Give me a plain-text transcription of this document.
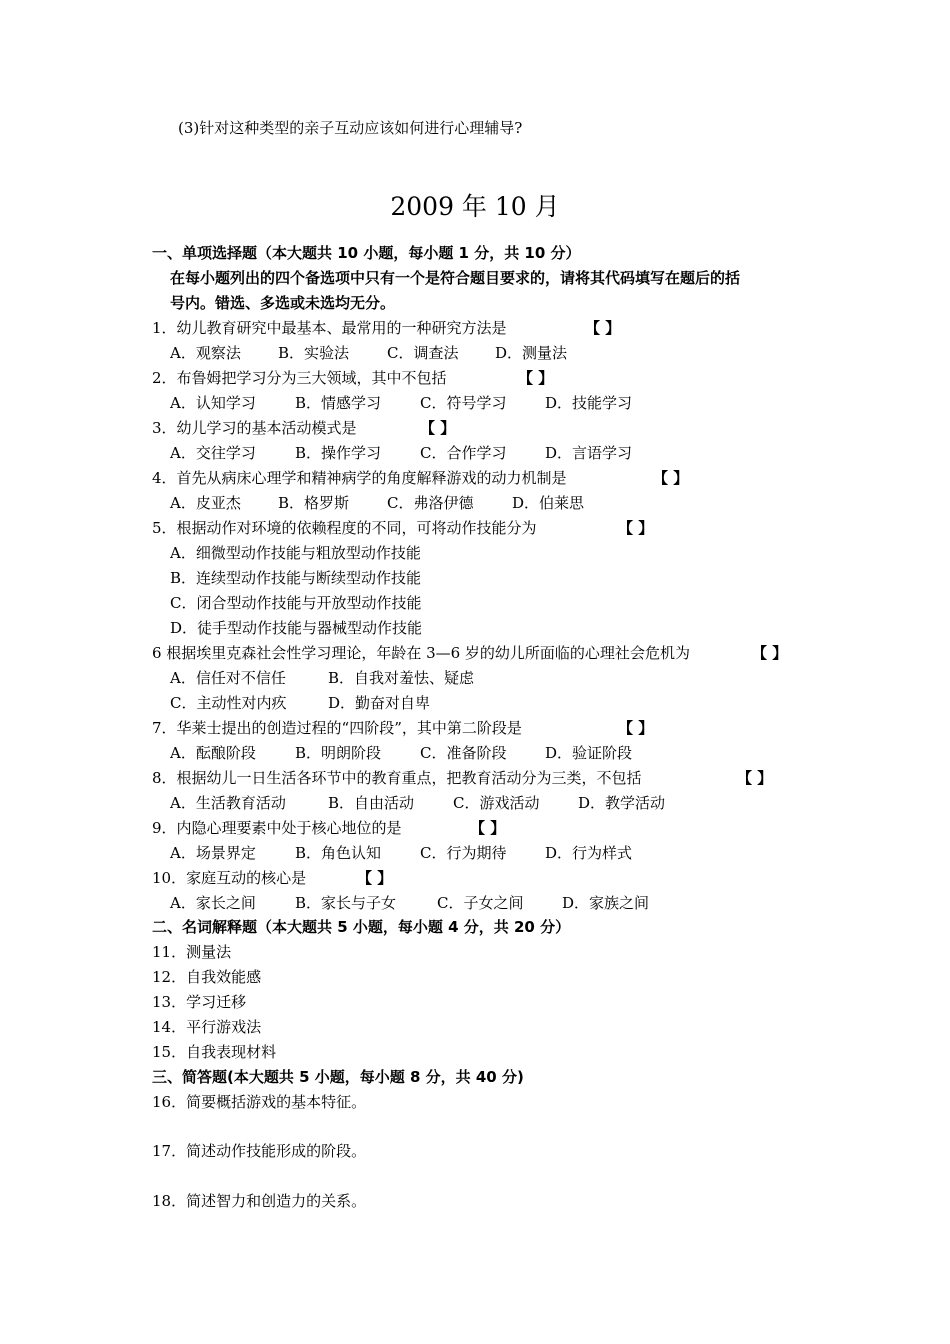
(3)针对这种类型的亲子互动应该如何进行心理辅导?
2009 年 10 月
一、单项选择题（本大题共 10 小题，每小题 1 分，共 10 分）
在每小题列出的四个备选项中只有一个是符合题目要求的，请将其代码填写在题后的括
号内。错选、多选或未选均无分。
1．幼儿教育研究中最基本、最常用的一种研究方法是	【 】
A．观察法 B．实验法	C．调查法 D．测量法
2．布鲁姆把学习分为三大领域，其中不包括	【 】
A．认知学习	B．情感学习	C．符号学习	D．技能学习
3．幼儿学习的基本活动模式是	【 】
A．交往学习	B．操作学习	C．合作学习	D．言语学习
4．首先从病床心理学和精神病学的角度解释游戏的动力机制是	【 】
A．皮亚杰 B．格罗斯	C．弗洛伊德	D．伯莱思
5．根据动作对环境的依赖程度的不同，可将动作技能分为	【 】
A．细微型动作技能与粗放型动作技能
B．连续型动作技能与断续型动作技能
C．闭合型动作技能与开放型动作技能
D．徒手型动作技能与器械型动作技能
6 根据埃里克森社会性学习理论，年龄在 3—6 岁的幼儿所面临的心理社会危机为	【 】
A．信任对不信任	B．自我对羞怯、疑虑
C．主动性对内疚	D．勤奋对自卑
7．华莱士提出的创造过程的“四阶段”，其中第二阶段是	【 】
A．酝酿阶段	B．明朗阶段	C．准备阶段	D．验证阶段
8．根据幼儿一日生活各环节中的教育重点，把教育活动分为三类，不包括	【 】
A．生活教育活动	B．自由活动	C．游戏活动	D．教学活动
9．内隐心理要素中处于核心地位的是	【 】
A．场景界定	B．角色认知	C．行为期待	D．行为样式
10．家庭互动的核心是	【 】
A．家长之间	B．家长与子女	C．子女之间	D．家族之间
二、名词解释题（本大题共 5 小题，每小题 4 分，共 20 分）
11．测量法
12．自我效能感
13．学习迁移
14．平行游戏法
15．自我表现材料
三、简答题(本大题共 5 小题，每小题 8 分，共 40 分)
16．简要概括游戏的基本特征。
17．简述动作技能形成的阶段。
18．简述智力和创造力的关系。
